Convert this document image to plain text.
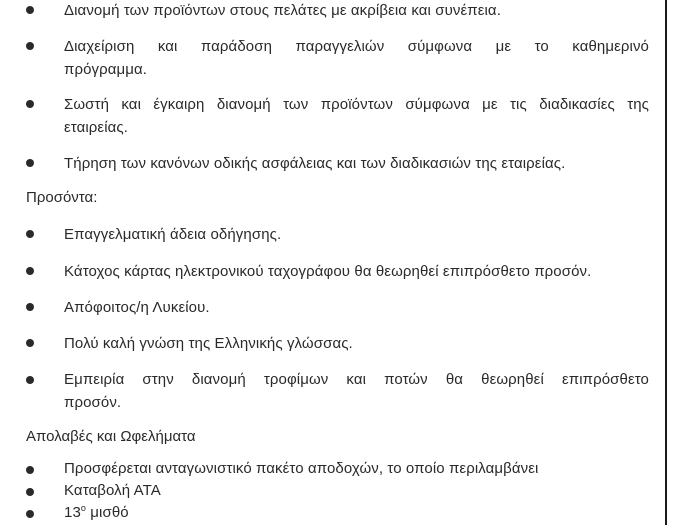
Διανομή των προϊόντων στους πελάτες με ακρίβεια και συνέπεια.
Διαχείριση και παράδοση παραγγελιών σύμφωνα με το καθημερινό
πρόγραμμα.
Σωστή και έγκαιρη διανομή των προϊόντων σύμφωνα με τις διαδικασίες της
εταιρείας.
Τήρηση των κανόνων οδικής ασφάλειας και των διαδικασιών της εταιρείας.
Προσόντα:
Επαγγελματική άδεια οδήγησης.
Κάτοχος κάρτας ηλεκτρονικού ταχογράφου θα θεωρηθεί επιπρόσθετο προσόν.
Απόφοιτος/η Λυκείου.
Πολύ καλή γνώση της Ελληνικής γλώσσας.
Εμπειρία στην διανομή τροφίμων και ποτών θα θεωρηθεί επιπρόσθετο
προσόν.
Απολαβές και Ωφελήματα
Προσφέρεται ανταγωνιστικό πακέτο αποδοχών, το οποίο περιλαμβάνει
Καταβολή ΑΤΑ
$13^o$ μισθό
